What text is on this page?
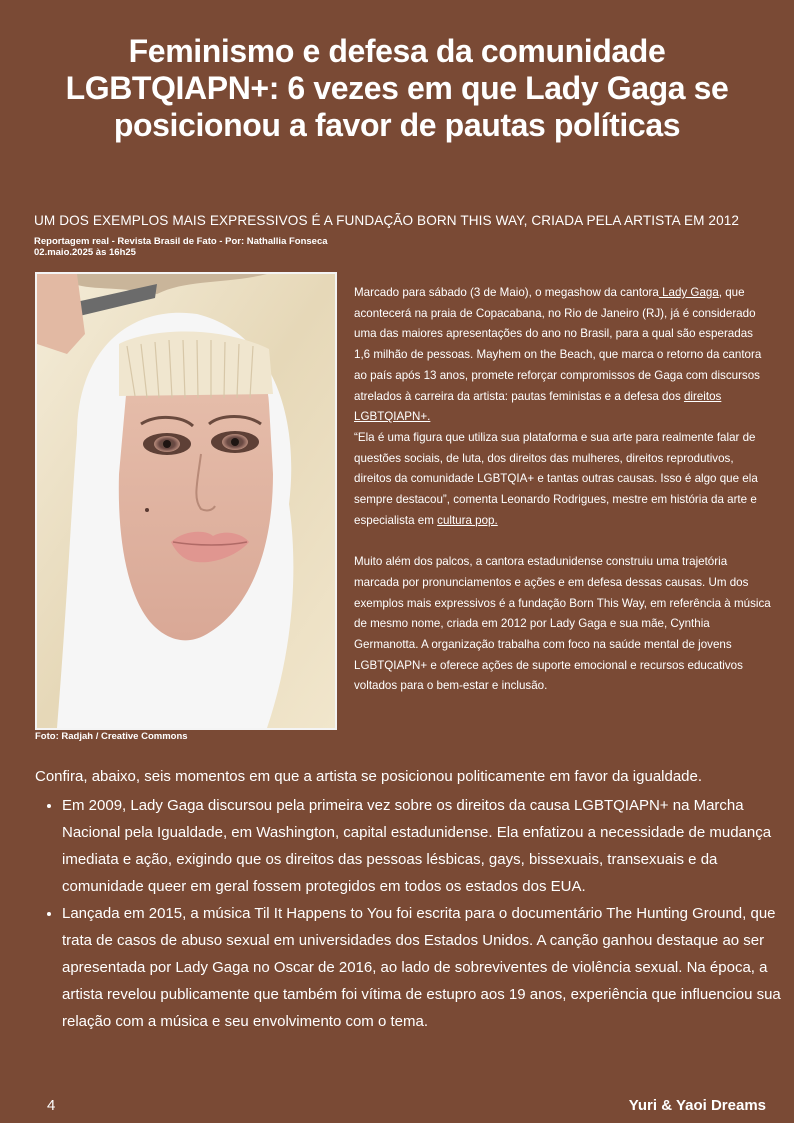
Feminismo e defesa da comunidade LGBTQIAPN+: 6 vezes em que Lady Gaga se posicionou a favor de pautas políticas

UM DOS EXEMPLOS MAIS EXPRESSIVOS É A FUNDAÇÃO BORN THIS WAY, CRIADA PELA ARTISTA EM 2012

Reportagem real - Revista Brasil de Fato - Por: Nathallia Fonseca
02.maio.2025 às 16h25
Foto: Radjah / Creative Commons

Marcado para sábado (3 de Maio), o megashow da cantora Lady Gaga, que acontecerá na praia de Copacabana, no Rio de Janeiro (RJ), já é considerado uma das maiores apresentações do ano no Brasil, para a qual são esperadas 1,6 milhão de pessoas. Mayhem on the Beach, que marca o retorno da cantora ao país após 13 anos, promete reforçar compromissos de Gaga com discursos atrelados à carreira da artista: pautas feministas e a defesa dos direitos LGBTQIAPN+.

“Ela é uma figura que utiliza sua plataforma e sua arte para realmente falar de questões sociais, de luta, dos direitos das mulheres, direitos reprodutivos, direitos da comunidade LGBTQIA+ e tantas outras causas. Isso é algo que ela sempre destacou”, comenta Leonardo Rodrigues, mestre em história da arte e especialista em cultura pop.

Muito além dos palcos, a cantora estadunidense construiu uma trajetória marcada por pronunciamentos e ações e em defesa dessas causas. Um dos exemplos mais expressivos é a fundação Born This Way, em referência à música de mesmo nome, criada em 2012 por Lady Gaga e sua mãe, Cynthia Germanotta. A organização trabalha com foco na saúde mental de jovens LGBTQIAPN+ e oferece ações de suporte emocional e recursos educativos voltados para o bem-estar e inclusão.

Confira, abaixo, seis momentos em que a artista se posicionou politicamente em favor da igualdade.

• Em 2009, Lady Gaga discursou pela primeira vez sobre os direitos da causa LGBTQIAPN+ na Marcha Nacional pela Igualdade, em Washington, capital estadunidense. Ela enfatizou a necessidade de mudança imediata e ação, exigindo que os direitos das pessoas lésbicas, gays, bissexuais, transexuais e da comunidade queer em geral fossem protegidos em todos os estados dos EUA.
• Lançada em 2015, a música Til It Happens to You foi escrita para o documentário The Hunting Ground, que trata de casos de abuso sexual em universidades dos Estados Unidos. A canção ganhou destaque ao ser apresentada por Lady Gaga no Oscar de 2016, ao lado de sobreviventes de violência sexual. Na época, a artista revelou publicamente que também foi vítima de estupro aos 19 anos, experiência que influenciou sua relação com a música e seu envolvimento com o tema.
4	Yuri & Yaoi Dreams
